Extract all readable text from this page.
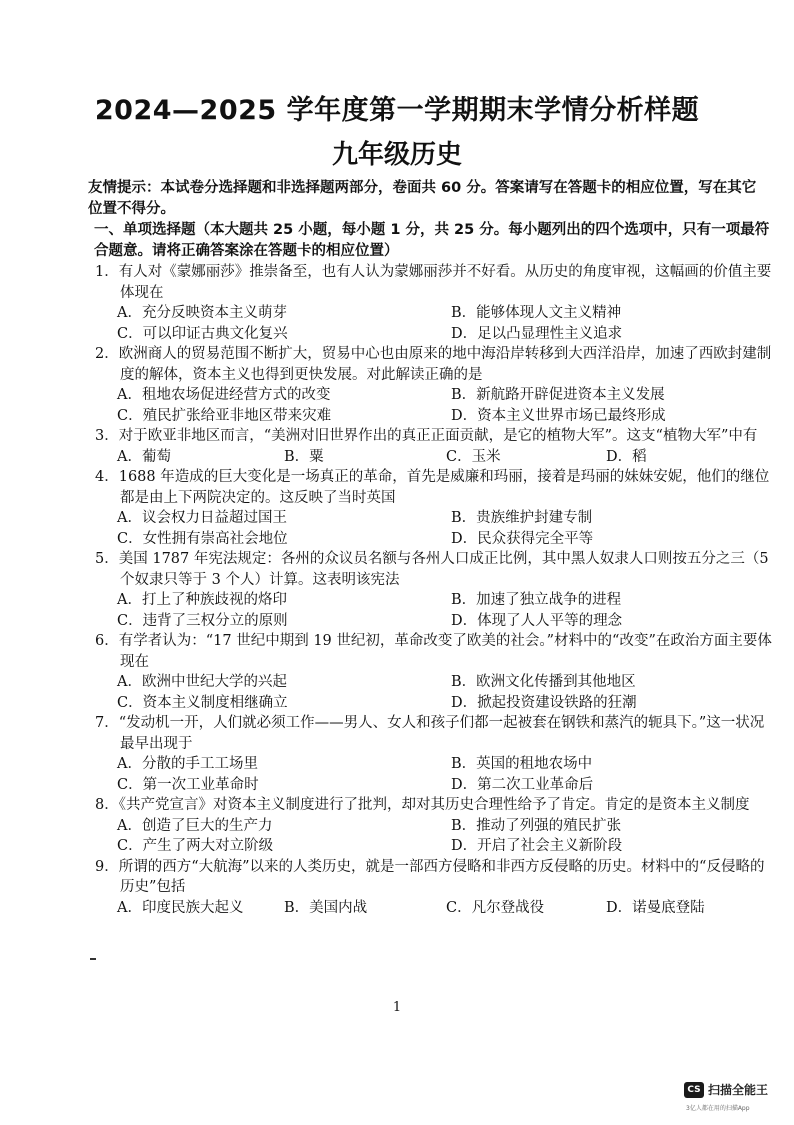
2024—2025 学年度第一学期期末学情分析样题
九年级历史
友情提示：本试卷分选择题和非选择题两部分，卷面共 60 分。答案请写在答题卡的相应位置，写在其它位置不得分。
一、单项选择题（本大题共 25 小题，每小题 1 分，共 25 分。每小题列出的四个选项中，只有一项最符合题意。请将正确答案涂在答题卡的相应位置）
1．有人对《蒙娜丽莎》推崇备至，也有人认为蒙娜丽莎并不好看。从历史的角度审视，这幅画的价值主要体现在
A．充分反映资本主义萌芽	B．能够体现人文主义精神
C．可以印证古典文化复兴	D．足以凸显理性主义追求
2．欧洲商人的贸易范围不断扩大，贸易中心也由原来的地中海沿岸转移到大西洋沿岸，加速了西欧封建制度的解体，资本主义也得到更快发展。对此解读正确的是
A．租地农场促进经营方式的改变	B．新航路开辟促进资本主义发展
C．殖民扩张给亚非地区带来灾难	D．资本主义世界市场已最终形成
3．对于欧亚非地区而言，“美洲对旧世界作出的真正正面贡献，是它的植物大军”。这支“植物大军”中有
A．葡萄	B．粟	C．玉米	D．稻
4．1688 年造成的巨大变化是一场真正的革命，首先是威廉和玛丽，接着是玛丽的妹妹安妮，他们的继位都是由上下两院决定的。这反映了当时英国
A．议会权力日益超过国王	B．贵族维护封建专制
C．女性拥有崇高社会地位	D．民众获得完全平等
5．美国 1787 年宪法规定：各州的众议员名额与各州人口成正比例，其中黑人奴隶人口则按五分之三（5 个奴隶只等于 3 个人）计算。这表明该宪法
A．打上了种族歧视的烙印	B．加速了独立战争的进程
C．违背了三权分立的原则	D．体现了人人平等的理念
6．有学者认为：“17 世纪中期到 19 世纪初，革命改变了欧美的社会。”材料中的“改变”在政治方面主要体现在
A．欧洲中世纪大学的兴起	B．欧洲文化传播到其他地区
C．资本主义制度相继确立	D．掀起投资建设铁路的狂潮
7．“发动机一开，人们就必须工作——男人、女人和孩子们都一起被套在钢铁和蒸汽的轭具下。”这一状况最早出现于
A．分散的手工工场里	B．英国的租地农场中
C．第一次工业革命时	D．第二次工业革命后
8．《共产党宣言》对资本主义制度进行了批判，却对其历史合理性给予了肯定。肯定的是资本主义制度
A．创造了巨大的生产力	B．推动了列强的殖民扩张
C．产生了两大对立阶级	D．开启了社会主义新阶段
9．所谓的西方“大航海”以来的人类历史，就是一部西方侵略和非西方反侵略的历史。材料中的“反侵略的历史”包括
A．印度民族大起义	B．美国内战	C．凡尔登战役	D．诺曼底登陆
1
CS 扫描全能王
3亿人都在用的扫描App
